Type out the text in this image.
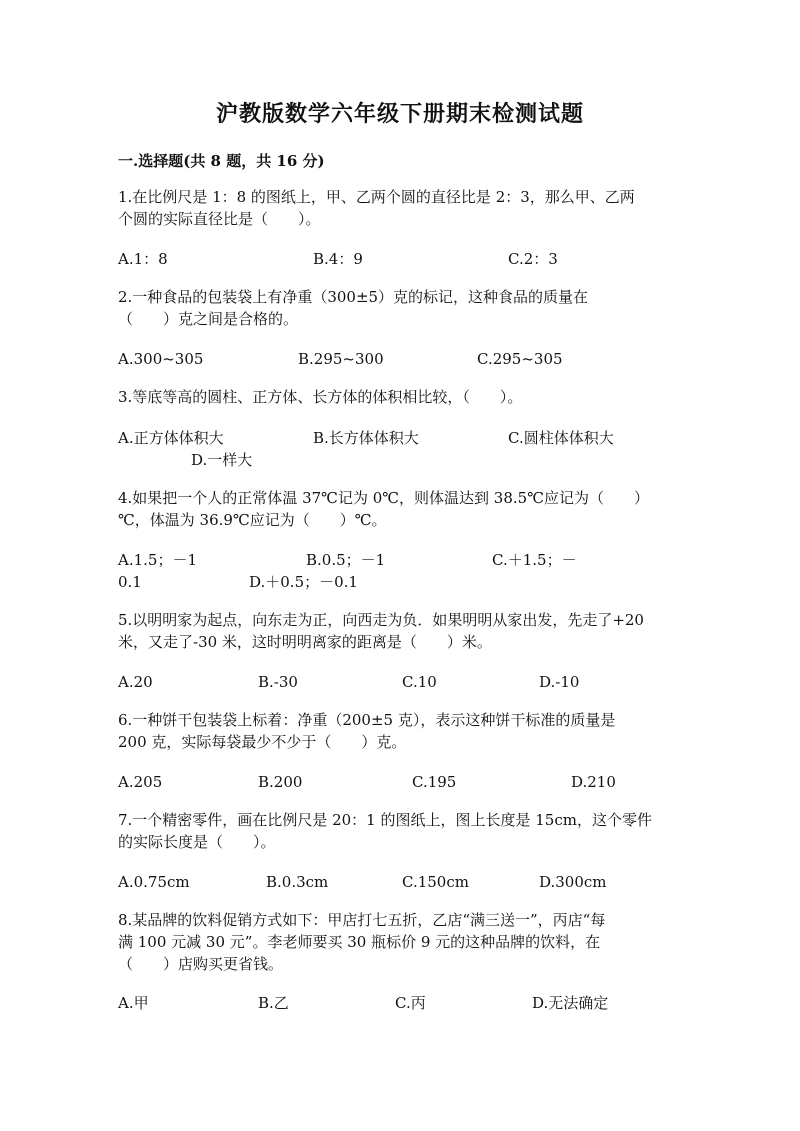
沪教版数学六年级下册期末检测试题
一.选择题(共 8 题，共 16 分)
1.在比例尺是 1：8 的图纸上，甲、乙两个圆的直径比是 2：3，那么甲、乙两
个圆的实际直径比是（　　）。
A.1：8	B.4：9	C.2：3
2.一种食品的包装袋上有净重（300±5）克的标记，这种食品的质量在
（　　）克之间是合格的。
A.300~305	B.295~300	C.295~305
3.等底等高的圆柱、正方体、长方体的体积相比较，（　　）。
A.正方体体积大	B.长方体体积大	C.圆柱体体积大
D.一样大
4.如果把一个人的正常体温 37℃记为 0℃，则体温达到 38.5℃应记为（　　）
℃，体温为 36.9℃应记为（　　）℃。
A.1.5；－1	B.0.5；－1	C.＋1.5；－
0.1	D.＋0.5；－0.1
5.以明明家为起点，向东走为正，向西走为负．如果明明从家出发，先走了+20
米，又走了-30 米，这时明明离家的距离是（　　）米。
A.20	B.-30	C.10	D.-10
6.一种饼干包装袋上标着：净重（200±5 克），表示这种饼干标准的质量是
200 克，实际每袋最少不少于（　　）克。
A.205	B.200	C.195	D.210
7.一个精密零件，画在比例尺是 20：1 的图纸上，图上长度是 15cm，这个零件
的实际长度是（　　）。
A.0.75cm	B.0.3cm	C.150cm	D.300cm
8.某品牌的饮料促销方式如下：甲店打七五折，乙店“满三送一”，丙店“每
满 100 元减 30 元”。李老师要买 30 瓶标价 9 元的这种品牌的饮料，在
（　　）店购买更省钱。
A.甲	B.乙	C.丙	D.无法确定
